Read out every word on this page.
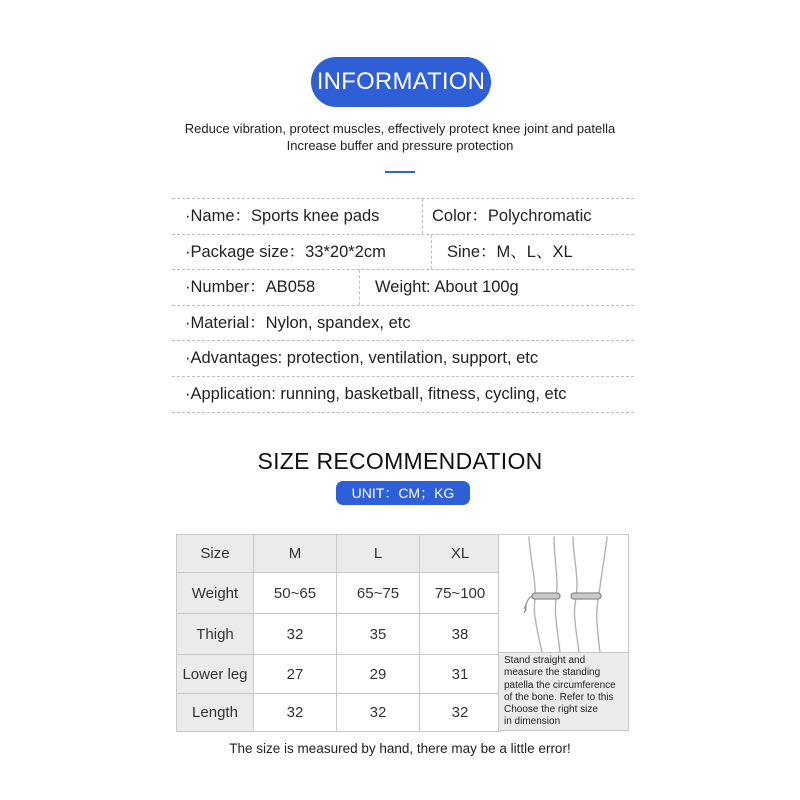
INFORMATION
Reduce vibration, protect muscles, effectively protect knee joint and patella
Increase buffer and pressure protection
·Name：Sports knee pads	Color：Polychromatic
·Package size：33*20*2cm	Sine：M、L、XL
·Number：AB058	Weight: About 100g
·Material：Nylon, spandex, etc
·Advantages: protection, ventilation, support, etc
·Application: running, basketball, fitness, cycling, etc
SIZE RECOMMENDATION
UNIT：CM；KG
Size	M	L	XL
Weight	50~65	65~75	75~100
Thigh	32	35	38
Lower leg	27	29	31
Length	32	32	32
Stand straight and
measure the standing
patella the circumference
of the bone. Refer to this
Choose the right size
in dimension
The size is measured by hand, there may be a little error!
